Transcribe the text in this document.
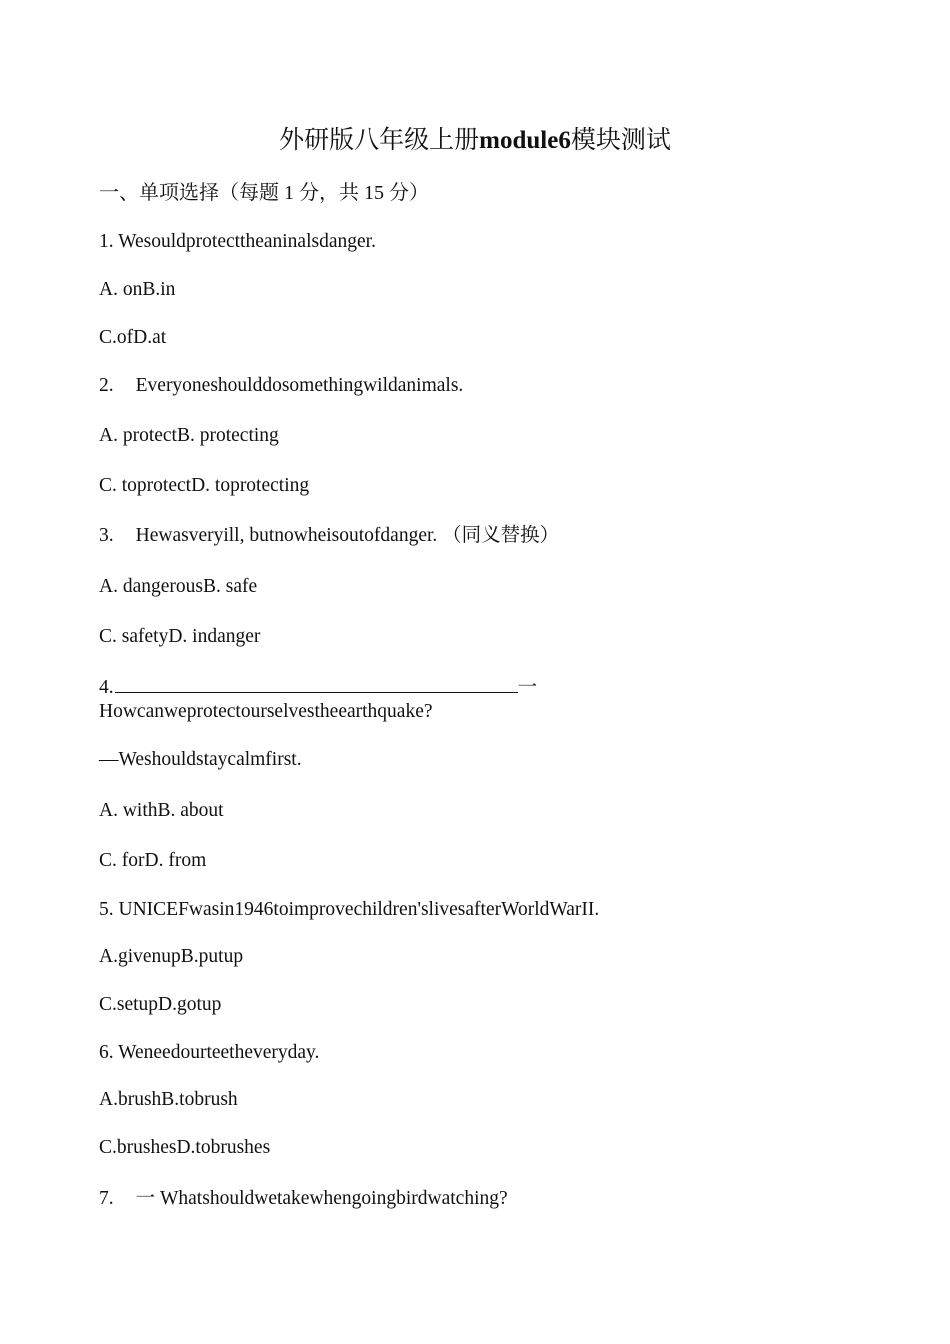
外研版八年级上册module6模块测试
一、单项选择（每题 1 分，共 15 分）
1. Wesouldprotecttheaninalsdanger.
A. onB.in
C.ofD.at
2. Everyoneshoulddosomethingwildanimals.
A. protectB. protecting
C. toprotectD. toprotecting
3. Hewasveryill, butnowheisoutofdanger. （同义替换）
A. dangerousB. safe
C. safetyD. indanger
4.	一
Howcanweprotectourselvestheearthquake?
—Weshouldstaycalmfirst.
A. withB. about
C. forD. from
5. UNICEFwasin1946toimprovechildren'slivesafterWorldWarII.
A.givenupB.putup
C.setupD.gotup
6. Weneedourteetheveryday.
A.brushB.tobrush
C.brushesD.tobrushes
7. 一 Whatshouldwetakewhengoingbirdwatching?
